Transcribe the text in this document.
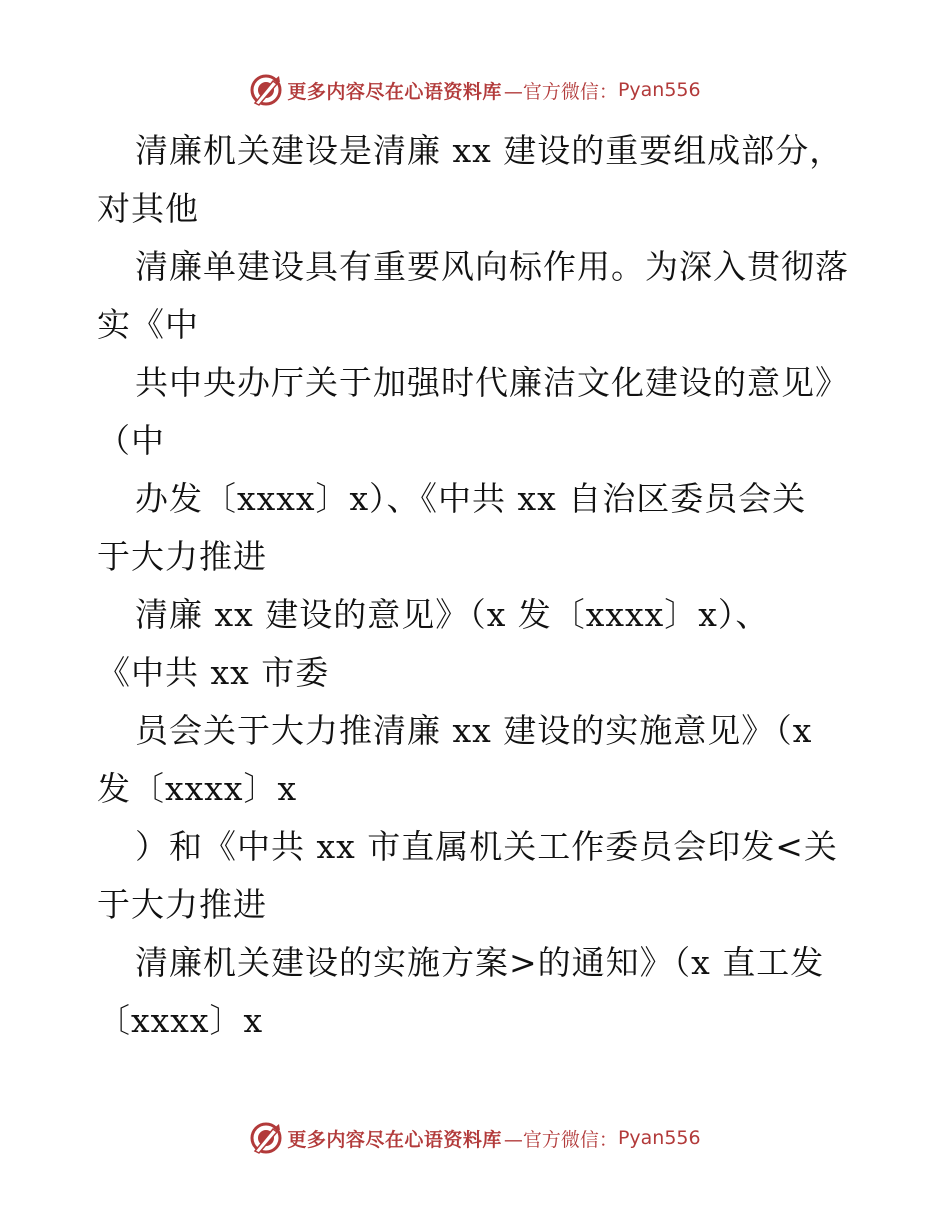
更多内容尽在心语资料库 —官方微信： Pyan556
清廉机关建设是清廉 xx 建设的重要组成部分，
对其他
清廉单建设具有重要风向标作用。为深入贯彻落
实《中
共中央办厅关于加强时代廉洁文化建设的意见》
（中
办发〔xxxx〕x）、《中共 xx 自治区委员会关
于大力推进
清廉 xx 建设的意见》（x 发〔xxxx〕x）、
《中共 xx 市委
员会关于大力推清廉 xx 建设的实施意见》（x
发〔xxxx〕x
）和《中共 xx 市直属机关工作委员会印发<关
于大力推进
清廉机关建设的实施方案>的通知》（x 直工发
〔xxxx〕x
更多内容尽在心语资料库 —官方微信： Pyan556
